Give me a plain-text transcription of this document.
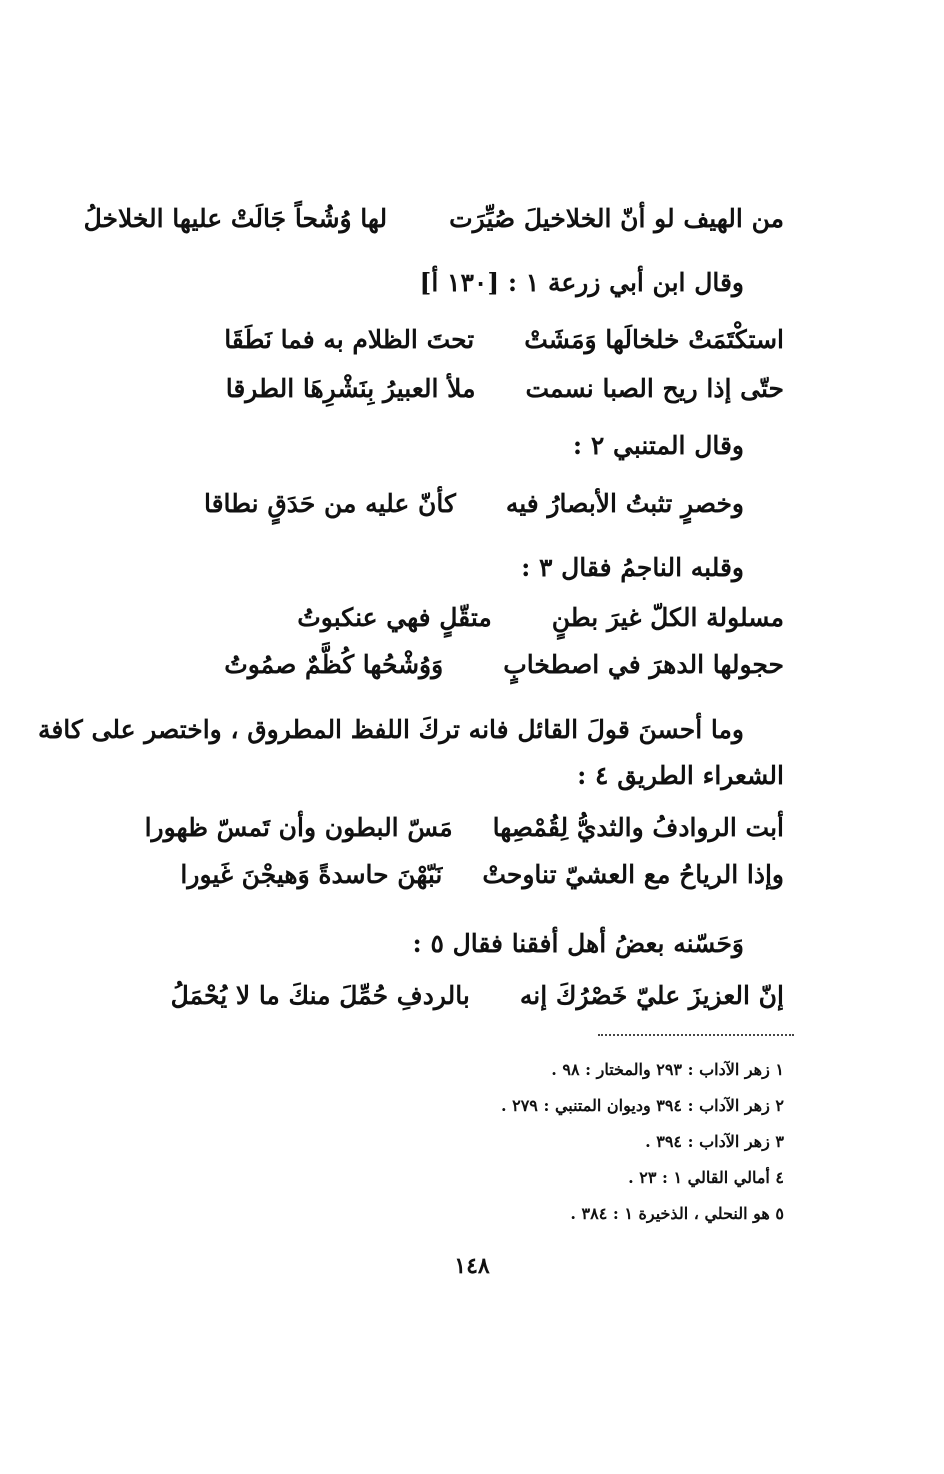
من الهيف لو أنّ الخلاخيلَ صُيِّرَت
لها وُشُحاً جَالَتْ عليها الخلاخلُ
وقال ابن أبي زرعة ١ : [١٣٠ أ]
استكْتَمَتْ خلخالَها وَمَشَتْ
تحتَ الظلام به فما نَطَقَا
حتّى إذا ريح الصبا نسمت
ملأ العبيرُ بِنَشْرِهَا الطرقا
وقال المتنبي ٢ :
وخصرٍ تثبتُ الأبصارُ فيه
كأنّ عليه من حَدَقٍ نطاقا
وقلبه الناجمُ فقال ٣ :
مسلولة الكلّ غيرَ بطنٍ
متقّلٍ فهي عنكبوتُ
حجولها الدهرَ في اصطخابٍ
وَوُشْحُها كُظَّمٌ صمُوتُ
وما أحسنَ قولَ القائل فانه تركَ اللفظ المطروق ، واختصر على كافة
الشعراء الطريق ٤ :
أبت الروادفُ والثديُّ لِقُمْصِها
مَسّ البطون وأن تَمسّ ظهورا
وإذا الرياحُ مع العشيّ تناوحتْ
نَبّهْنَ حاسدةً وَهيجْنَ غَيورا
وَحَسّنه بعضُ أهل أفقنا فقال ٥ :
إنّ العزيزَ عليّ خَصْرُكَ إنه
بالردفِ حُمِّلَ منكَ ما لا يُحْمَلُ
١ زهر الآداب : ٢٩٣ والمختار : ٩٨ .
٢ زهر الآداب : ٣٩٤ وديوان المتنبي : ٢٧٩ .
٣ زهر الآداب : ٣٩٤ .
٤ أمالي القالي ١ : ٢٣ .
٥ هو النحلي ، الذخيرة ١ : ٣٨٤ .
١٤٨
